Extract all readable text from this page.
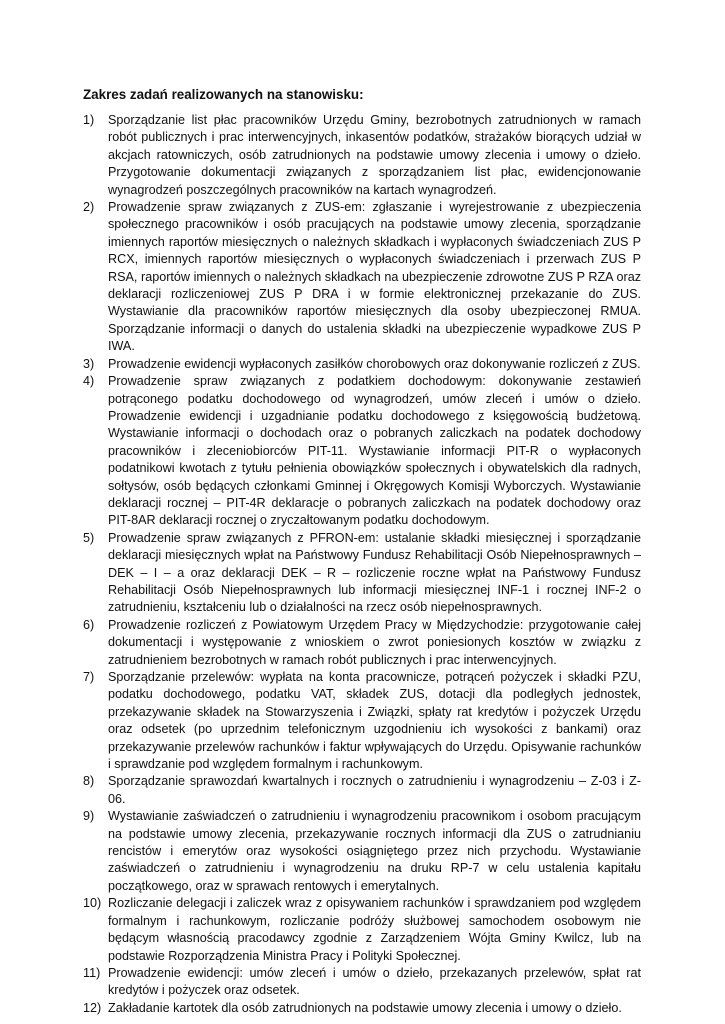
Zakres zadań realizowanych na stanowisku:
1)	Sporządzanie list płac pracowników Urzędu Gminy, bezrobotnych zatrudnionych w ramach robót publicznych i prac interwencyjnych, inkasentów podatków, strażaków biorących udział w akcjach ratowniczych, osób zatrudnionych na podstawie umowy zlecenia i umowy o dzieło. Przygotowanie dokumentacji związanych z sporządzaniem list płac, ewidencjonowanie wynagrodzeń poszczególnych pracowników na kartach wynagrodzeń.
2)	Prowadzenie spraw związanych z ZUS-em: zgłaszanie i wyrejestrowanie z ubezpieczenia społecznego pracowników i osób pracujących na podstawie umowy zlecenia, sporządzanie imiennych raportów miesięcznych o należnych składkach i wypłaconych świadczeniach ZUS P RCX, imiennych raportów miesięcznych o wypłaconych świadczeniach i przerwach ZUS P RSA, raportów imiennych o należnych składkach na ubezpieczenie zdrowotne ZUS P RZA oraz deklaracji rozliczeniowej ZUS P DRA i w formie elektronicznej przekazanie do ZUS. Wystawianie dla pracowników raportów miesięcznych dla osoby ubezpieczonej RMUA. Sporządzanie informacji o danych do ustalenia składki na ubezpieczenie wypadkowe ZUS P IWA.
3)	Prowadzenie ewidencji wypłaconych zasiłków chorobowych oraz dokonywanie rozliczeń z ZUS.
4)	Prowadzenie spraw związanych z podatkiem dochodowym: dokonywanie zestawień potrąconego podatku dochodowego od wynagrodzeń, umów zleceń i umów o dzieło. Prowadzenie ewidencji i uzgadnianie podatku dochodowego z księgowością budżetową. Wystawianie informacji o dochodach oraz o pobranych zaliczkach na podatek dochodowy pracowników i zleceniobiorców PIT-11. Wystawianie informacji PIT-R o wypłaconych podatnikowi kwotach z tytułu pełnienia obowiązków społecznych i obywatelskich dla radnych, sołtysów, osób będących członkami Gminnej i Okręgowych Komisji Wyborczych. Wystawianie deklaracji rocznej – PIT-4R deklaracje o pobranych zaliczkach na podatek dochodowy oraz PIT-8AR deklaracji rocznej o zryczałtowanym podatku dochodowym.
5)	Prowadzenie spraw związanych z PFRON-em: ustalanie składki miesięcznej i sporządzanie deklaracji miesięcznych wpłat na Państwowy Fundusz Rehabilitacji Osób Niepełnosprawnych – DEK – I – a oraz deklaracji DEK – R – rozliczenie roczne wpłat na Państwowy Fundusz Rehabilitacji Osób Niepełnosprawnych lub informacji miesięcznej INF-1 i rocznej INF-2 o zatrudnieniu, kształceniu lub o działalności na rzecz osób niepełnosprawnych.
6)	Prowadzenie rozliczeń z Powiatowym Urzędem Pracy w Międzychodzie: przygotowanie całej dokumentacji i występowanie z wnioskiem o zwrot poniesionych kosztów w związku z zatrudnieniem bezrobotnych w ramach robót publicznych i prac interwencyjnych.
7)	Sporządzanie przelewów: wypłata na konta pracownicze, potrąceń pożyczek i składki PZU, podatku dochodowego, podatku VAT, składek ZUS, dotacji dla podległych jednostek, przekazywanie składek na Stowarzyszenia i Związki, spłaty rat kredytów i pożyczek Urzędu oraz odsetek (po uprzednim telefonicznym uzgodnieniu ich wysokości z bankami) oraz przekazywanie przelewów rachunków i faktur wpływających do Urzędu. Opisywanie rachunków i sprawdzanie pod względem formalnym i rachunkowym.
8)	Sporządzanie sprawozdań kwartalnych i rocznych o zatrudnieniu i wynagrodzeniu – Z-03 i Z-06.
9)	Wystawianie zaświadczeń o zatrudnieniu i wynagrodzeniu pracownikom i osobom pracującym na podstawie umowy zlecenia, przekazywanie rocznych informacji dla ZUS o zatrudnianiu rencistów i emerytów oraz wysokości osiągniętego przez nich przychodu. Wystawianie zaświadczeń o zatrudnieniu i wynagrodzeniu na druku RP-7 w celu ustalenia kapitału początkowego, oraz w sprawach rentowych i emerytalnych.
10) Rozliczanie delegacji i zaliczek wraz z opisywaniem rachunków i sprawdzaniem pod względem formalnym i rachunkowym, rozliczanie podróży służbowej samochodem osobowym nie będącym własnością pracodawcy zgodnie z Zarządzeniem Wójta Gminy Kwilcz, lub na podstawie Rozporządzenia Ministra Pracy i Polityki Społecznej.
11) Prowadzenie ewidencji: umów zleceń i umów o dzieło, przekazanych przelewów, spłat rat kredytów i pożyczek oraz odsetek.
12) Zakładanie kartotek dla osób zatrudnionych na podstawie umowy zlecenia i umowy o dzieło.
